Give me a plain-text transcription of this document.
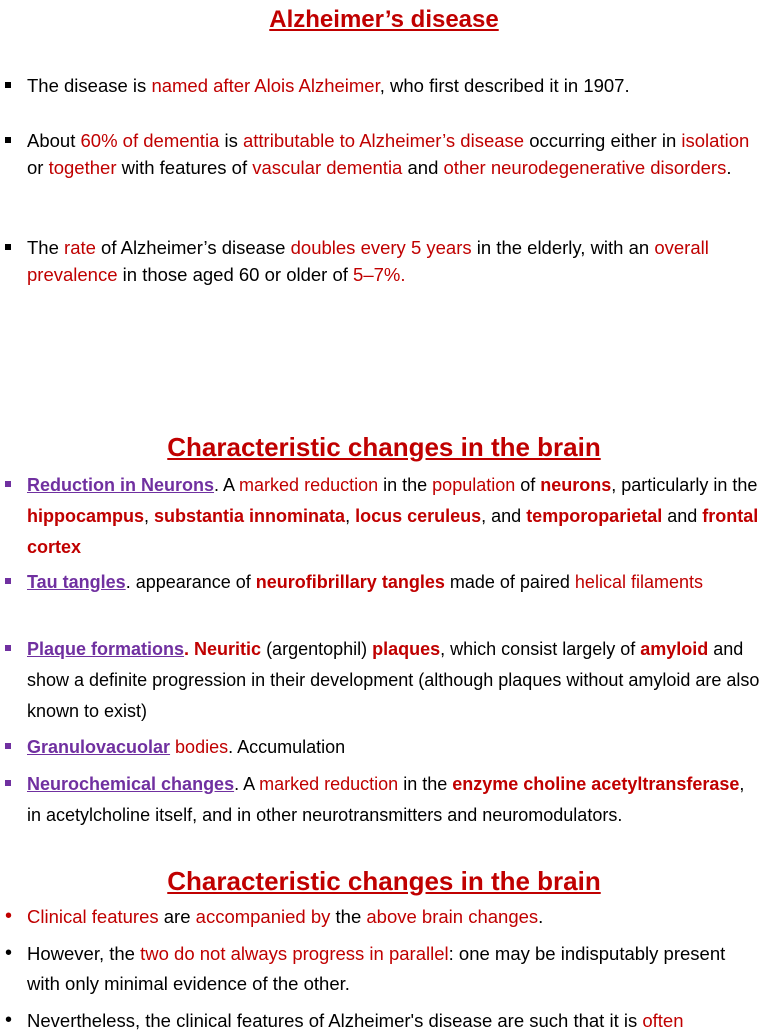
Alzheimer’s disease

The disease is named after Alois Alzheimer, who first described it in 1907.

About 60% of dementia is attributable to Alzheimer’s disease occurring either in isolation or together with features of vascular dementia and other neurodegenerative disorders.

The rate of Alzheimer’s disease doubles every 5 years in the elderly, with an overall prevalence in those aged 60 or older of 5–7%.

Characteristic changes in the brain

Reduction in Neurons. A marked reduction in the population of neurons, particularly in the hippocampus, substantia innominata, locus ceruleus, and temporoparietal and frontal cortex

Tau tangles. appearance of neurofibrillary tangles made of paired helical filaments

Plaque formations. Neuritic (argentophil) plaques, which consist largely of amyloid and show a definite progression in their development (although plaques without amyloid are also known to exist)

Granulovacuolar bodies. Accumulation

Neurochemical changes. A marked reduction in the enzyme choline acetyltransferase, in acetylcholine itself, and in other neurotransmitters and neuromodulators.

Characteristic changes in the brain
• Clinical features are accompanied by the above brain changes.

• However, the two do not always progress in parallel: one may be indisputably present with only minimal evidence of the other.

• Nevertheless, the clinical features of Alzheimer's disease are such that it is often
